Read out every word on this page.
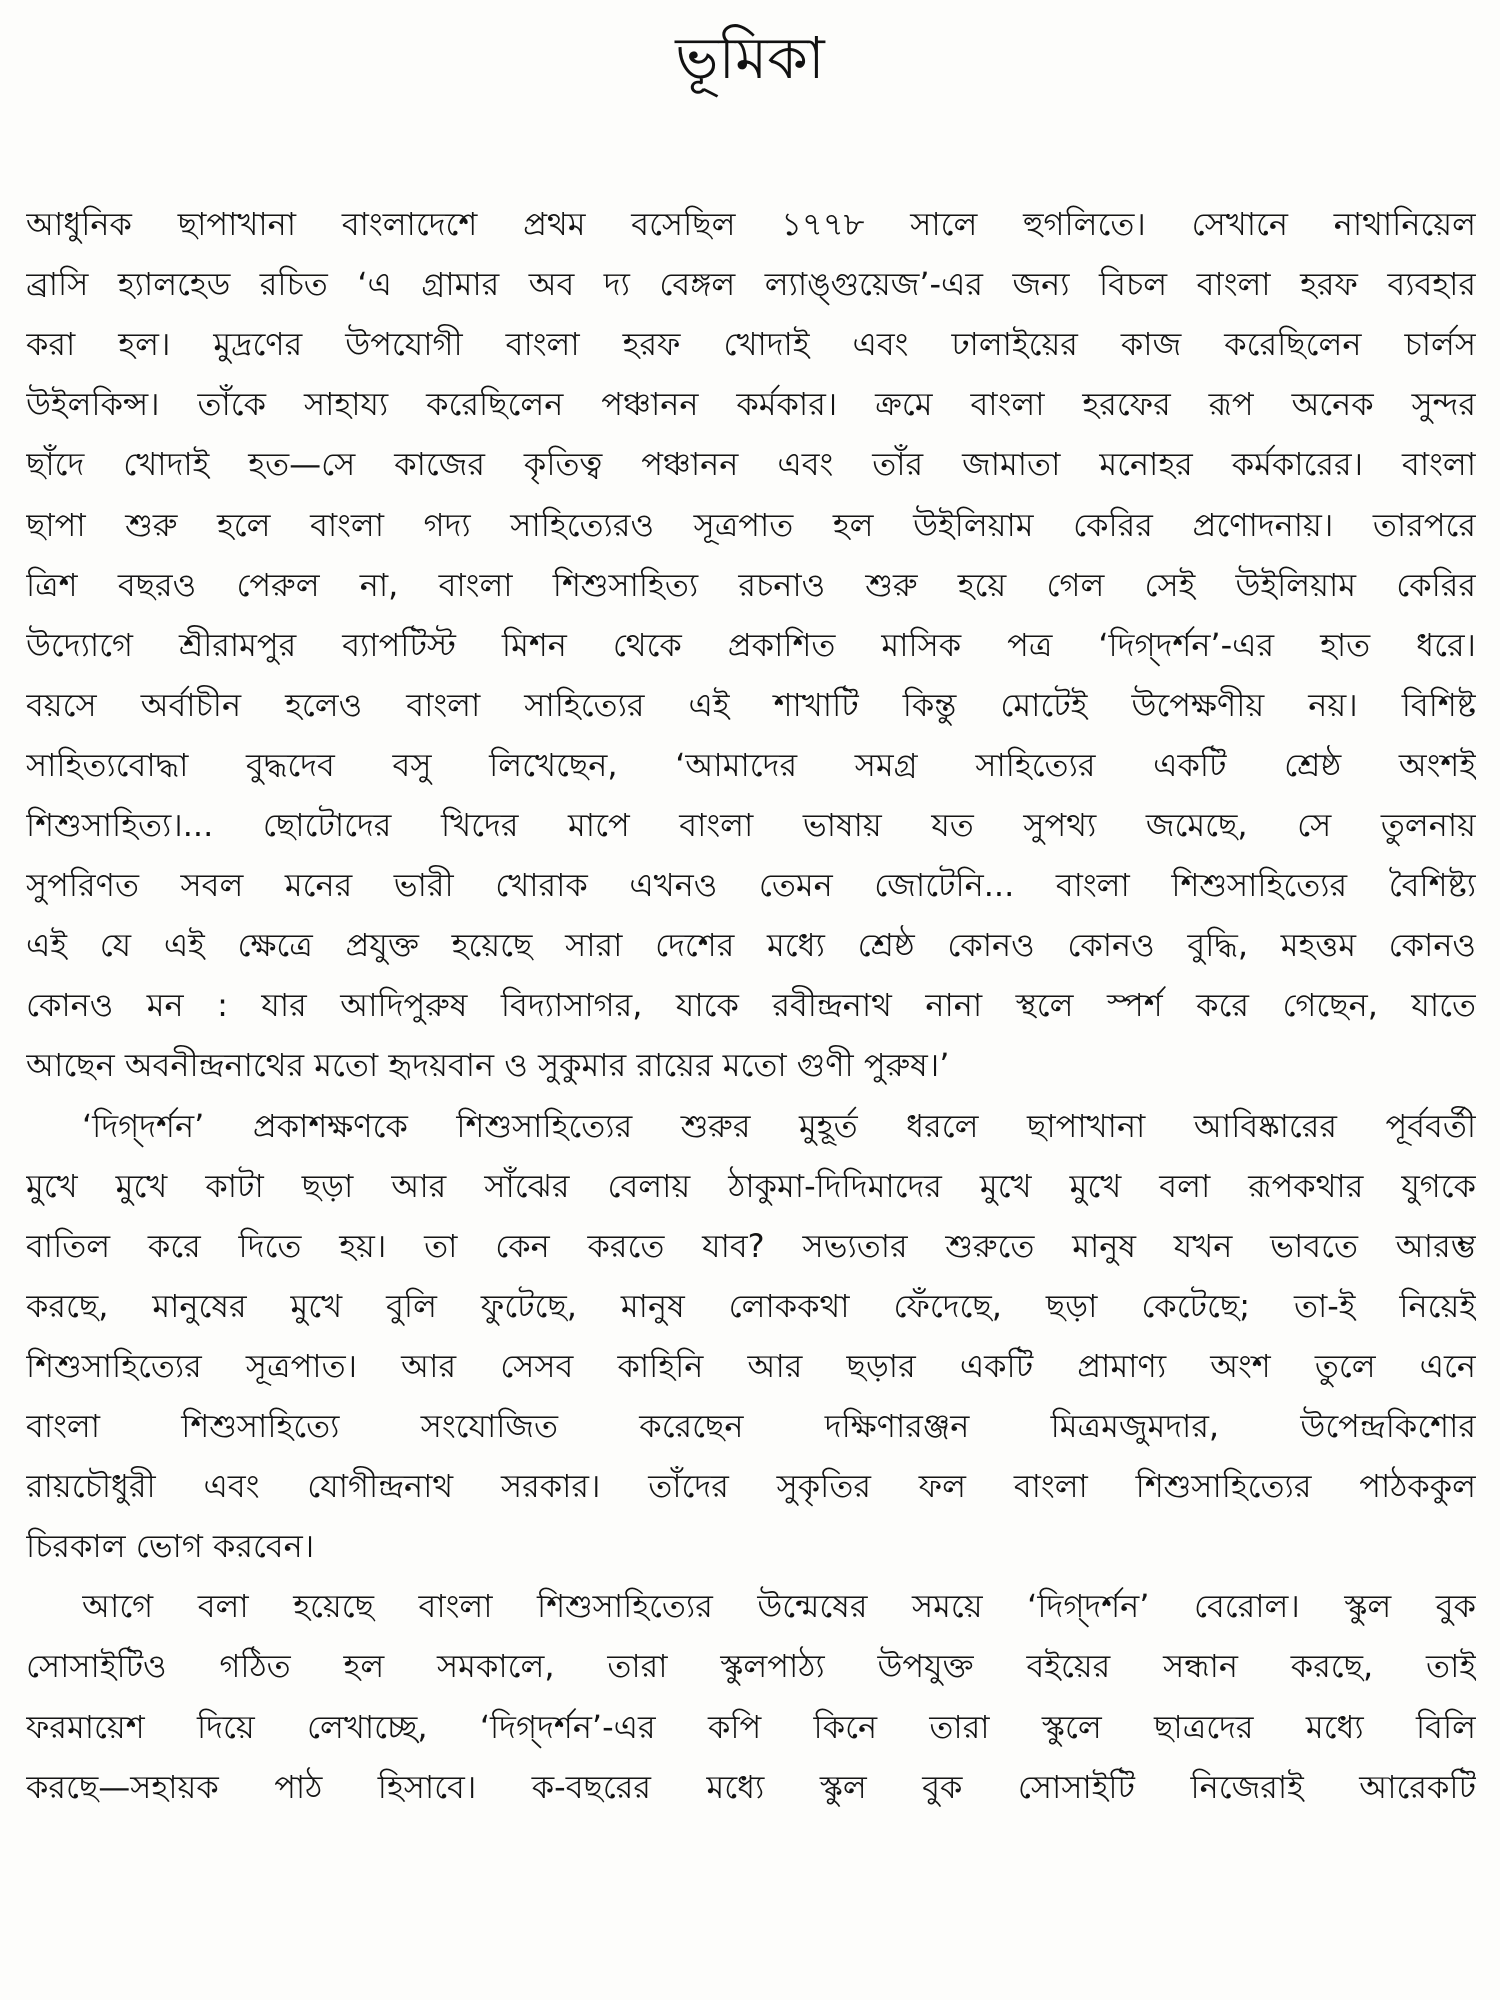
ভূমিকা
আধুনিক ছাপাখানা বাংলাদেশে প্রথম বসেছিল ১৭৭৮ সালে হুগলিতে। সেখানে নাথানিয়েল
ব্রাসি হ্যালহেড রচিত ‘এ গ্রামার অব দ্য বেঙ্গল ল্যাঙ্গুয়েজ’-এর জন্য বিচল বাংলা হরফ ব্যবহার
করা হল। মুদ্রণের উপযোগী বাংলা হরফ খোদাই এবং ঢালাইয়ের কাজ করেছিলেন চার্লস
উইলকিন্স। তাঁকে সাহায্য করেছিলেন পঞ্চানন কর্মকার। ক্রমে বাংলা হরফের রূপ অনেক সুন্দর
ছাঁদে খোদাই হত—সে কাজের কৃতিত্ব পঞ্চানন এবং তাঁর জামাতা মনোহর কর্মকারের। বাংলা
ছাপা শুরু হলে বাংলা গদ্য সাহিত্যেরও সূত্রপাত হল উইলিয়াম কেরির প্রণোদনায়। তারপরে
ত্রিশ বছরও পেরুল না, বাংলা শিশুসাহিত্য রচনাও শুরু হয়ে গেল সেই উইলিয়াম কেরির
উদ্যোগে শ্রীরামপুর ব্যাপটিস্ট মিশন থেকে প্রকাশিত মাসিক পত্র ‘দিগ্‌দর্শন’-এর হাত ধরে।
বয়সে অর্বাচীন হলেও বাংলা সাহিত্যের এই শাখাটি কিন্তু মোটেই উপেক্ষণীয় নয়। বিশিষ্ট
সাহিত্যবোদ্ধা বুদ্ধদেব বসু লিখেছেন, ‘আমাদের সমগ্র সাহিত্যের একটি শ্রেষ্ঠ অংশই
শিশুসাহিত্য।... ছোটোদের খিদের মাপে বাংলা ভাষায় যত সুপথ্য জমেছে, সে তুলনায়
সুপরিণত সবল মনের ভারী খোরাক এখনও তেমন জোটেনি... বাংলা শিশুসাহিত্যের বৈশিষ্ট্য
এই যে এই ক্ষেত্রে প্রযুক্ত হয়েছে সারা দেশের মধ্যে শ্রেষ্ঠ কোনও কোনও বুদ্ধি, মহত্তম কোনও
কোনও মন : যার আদিপুরুষ বিদ্যাসাগর, যাকে রবীন্দ্রনাথ নানা স্থলে স্পর্শ করে গেছেন, যাতে
আছেন অবনীন্দ্রনাথের মতো হৃদয়বান ও সুকুমার রায়ের মতো গুণী পুরুষ।’
‘দিগ্‌দর্শন’ প্রকাশক্ষণকে শিশুসাহিত্যের শুরুর মুহূর্ত ধরলে ছাপাখানা আবিষ্কারের পূর্ববর্তী
মুখে মুখে কাটা ছড়া আর সাঁঝের বেলায় ঠাকুমা-দিদিমাদের মুখে মুখে বলা রূপকথার যুগকে
বাতিল করে দিতে হয়। তা কেন করতে যাব? সভ্যতার শুরুতে মানুষ যখন ভাবতে আরম্ভ
করছে, মানুষের মুখে বুলি ফুটেছে, মানুষ লোককথা ফেঁদেছে, ছড়া কেটেছে; তা-ই নিয়েই
শিশুসাহিত্যের সূত্রপাত। আর সেসব কাহিনি আর ছড়ার একটি প্রামাণ্য অংশ তুলে এনে
বাংলা শিশুসাহিত্যে সংযোজিত করেছেন দক্ষিণারঞ্জন মিত্রমজুমদার, উপেন্দ্রকিশোর
রায়চৌধুরী এবং যোগীন্দ্রনাথ সরকার। তাঁদের সুকৃতির ফল বাংলা শিশুসাহিত্যের পাঠককুল
চিরকাল ভোগ করবেন।
আগে বলা হয়েছে বাংলা শিশুসাহিত্যের উন্মেষের সময়ে ‘দিগ্‌দর্শন’ বেরোল। স্কুল বুক
সোসাইটিও গঠিত হল সমকালে, তারা স্কুলপাঠ্য উপযুক্ত বইয়ের সন্ধান করছে, তাই
ফরমায়েশ দিয়ে লেখাচ্ছে, ‘দিগ্‌দর্শন’-এর কপি কিনে তারা স্কুলে ছাত্রদের মধ্যে বিলি
করছে—সহায়ক পাঠ হিসাবে। ক-বছরের মধ্যে স্কুল বুক সোসাইটি নিজেরাই আরেকটি
